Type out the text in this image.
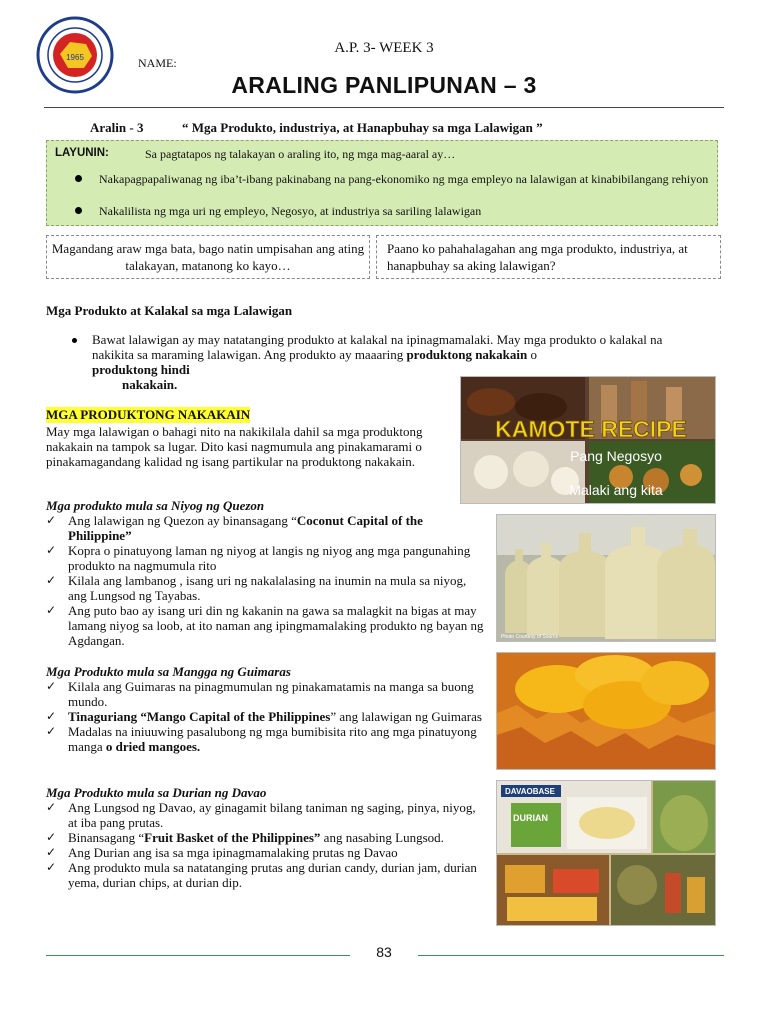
1965
A.P. 3- WEEK 3
NAME:
ARALING PANLIPUNAN – 3
Aralin - 3	“ Mga Produkto, industriya, at Hanapbuhay sa mga Lalawigan ”
LAYUNIN:	Sa pagtatapos ng talakayan o araling ito, ng mga mag-aaral ay…
Nakapagpapaliwanag ng iba’t-ibang pakinabang na pang-ekonomiko ng mga empleyo na lalawigan at kinabibilangang rehiyon
Nakalilista ng mga uri ng empleyo, Negosyo, at industriya sa sariling lalawigan
Magandang araw mga bata, bago natin umpisahan ang ating talakayan, matanong ko kayo…
Paano ko pahahalagahan ang mga produkto, industriya, at hanapbuhay sa aking lalawigan?
Mga Produkto at Kalakal sa mga Lalawigan
Bawat lalawigan ay may natatanging produkto at kalakal na ipinagmamalaki. May mga produkto o kalakal na nakikita sa maraming lalawigan. Ang produkto ay maaaring produktong nakakain o
produktong hindi
nakakain.
MGA PRODUKTONG NAKAKAIN
May mga lalawigan o bahagi nito na nakikilala dahil sa mga produktong nakakain na tampok sa lugar. Dito kasi nagmumula ang pinakamarami o pinakamagandang kalidad ng isang partikular na produktong nakakain.
Mga produkto mula sa Niyog ng Quezon
✓ Ang lalawigan ng Quezon ay binansagang “Coconut Capital of the Philippine”
✓ Kopra o pinatuyong laman ng niyog at langis ng niyog ang mga pangunahing produkto na nagmumula rito
✓ Kilala ang lambanog , isang uri ng nakalalasing na inumin na mula sa niyog, ang Lungsod ng Tayabas.
✓ Ang puto bao ay isang uri din ng kakanin na gawa sa malagkit na bigas at may lamang niyog sa loob, at ito naman ang ipingmamalaking produkto ng bayan ng Agdangan.
Mga Produkto mula sa Mangga ng Guimaras
✓ Kilala ang Guimaras na pinagmumulan ng pinakamatamis na manga sa buong mundo.
✓ Tinaguriang “Mango Capital of the Philippines” ang lalawigan ng Guimaras
✓ Madalas na iniuuwing pasalubong ng mga bumibisita rito ang mga pinatuyong manga o dried mangoes.
Mga Produkto mula sa Durian ng Davao
✓ Ang Lungsod ng Davao, ay ginagamit bilang taniman ng saging, pinya, niyog, at iba pang prutas.
✓ Binansagang “Fruit Basket of the Philippines” ang nasabing Lungsod.
✓ Ang Durian ang isa sa mga ipinagmamalaking prutas ng Davao
✓ Ang produkto mula sa natatanging prutas ang durian candy, durian jam, durian yema, durian chips, at durian dip.
KAMOTE RECIPE
Pang Negosyo
Malaki ang kita
Photo Courtesy of Source
DAVAOBASE
DURIAN
83
